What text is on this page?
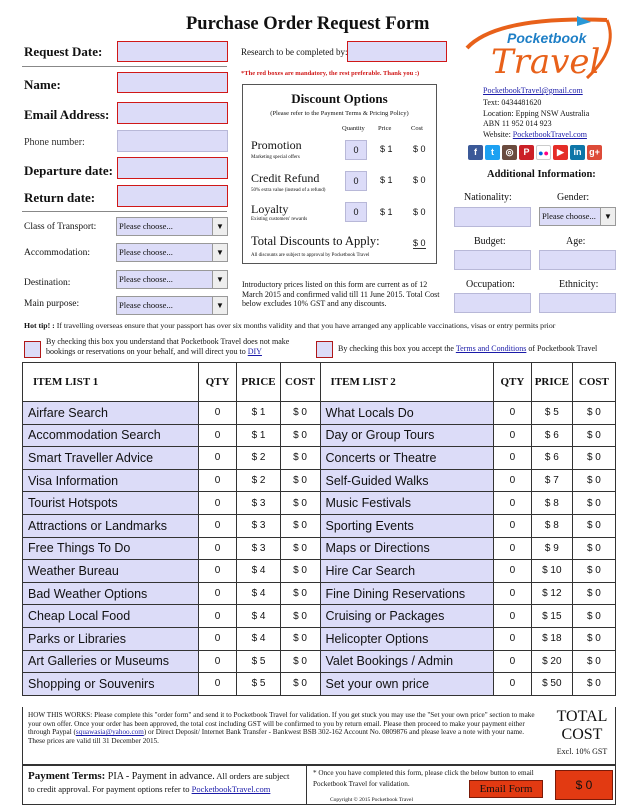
Purchase Order Request Form
Request Date:	Research to be completed by:
Name:
*The red boxes are mandatory, the rest preferable. Thank you :)
Email Address:
Phone number:
Departure date:
Return date:
Class of Transport:	Please choose...	▼
Accommodation:	Please choose...	▼
Destination:	Please choose...	▼
Main purpose:	Please choose...	▼
Discount Options
(Please refer to the Payment Terms & Pricing Policy)
Quantity Price	Cost
Promotion
Marketing special offers
0	$ 1 $ 0
Credit Refund
50% extra value (instead of a refund)
0	$ 1 $ 0
Loyalty
Existing customers' rewards
0	$ 1 $ 0
Total Discounts to Apply:	$ 0
All discounts are subject to approval by Pocketbook Travel
Introductory prices listed on this form are current as of 12 March 2015 and confirmed valid till 11 June 2015. Total Cost below excludes 10% GST and any discounts.
Pocketbook
Travel
PocketbookTravel@gmail.com
Text: 0434481620
Location: Epping NSW Australia
ABN 11 952 014 923
Website: PocketbookTravel.com
f	t	◎	P ●● ▶	in g+
Additional Information:
Nationality:	Gender:
Please choose...	▼
Budget:	Age:
Occupation:	Ethnicity:
Hot tip! : If travelling overseas ensure that your passport has over six months validity and that you have arranged any applicable vaccinations, visas or entry permits prior
By checking this box you understand that Pocketbook Travel does not make bookings or reservations on your behalf, and will direct you to DIY	By checking this box you accept the Terms and Conditions of Pocketbook Travel
ITEM LIST 1	QTY	PRICE	COST	ITEM LIST 2	QTY	PRICE	COST
Airfare Search	0	$ 1	$ 0	What Locals Do	0	$ 5	$ 0
Accommodation Search	0	$ 1	$ 0	Day or Group Tours	0	$ 6	$ 0
Smart Traveller Advice	0	$ 2	$ 0	Concerts or Theatre	0	$ 6	$ 0
Visa Information	0	$ 2	$ 0	Self-Guided Walks	0	$ 7	$ 0
Tourist Hotspots	0	$ 3	$ 0	Music Festivals	0	$ 8	$ 0
Attractions or Landmarks	0	$ 3	$ 0	Sporting Events	0	$ 8	$ 0
Free Things To Do	0	$ 3	$ 0	Maps or Directions	0	$ 9	$ 0
Weather Bureau	0	$ 4	$ 0	Hire Car Search	0	$ 10	$ 0
Bad Weather Options	0	$ 4	$ 0	Fine Dining Reservations	0	$ 12	$ 0
Cheap Local Food	0	$ 4	$ 0	Cruising or Packages	0	$ 15	$ 0
Parks or Libraries	0	$ 4	$ 0	Helicopter Options	0	$ 18	$ 0
Art Galleries or Museums	0	$ 5	$ 0	Valet Bookings / Admin	0	$ 20	$ 0
Shopping or Souvenirs	0	$ 5	$ 0	Set your own price	0	$ 50	$ 0
HOW THIS WORKS: Please complete this "order form" and send it to Pocketbook Travel for validation. If you get stuck you may use the "Set your own price" section to make your own offer. Once your order has been approved, the total cost including GST will be confirmed to you by return email. Please then proceed to make your payment either through Paypal (squawasia@yahoo.com) or Direct Deposit/ Internet Bank Transfer - Bankwest BSB 302-162 Account No. 0809876 and please leave a note with your name. These prices are valid till 31 December 2015.
TOTAL
COST
Excl. 10% GST
Payment Terms: PIA - Payment in advance. All orders are subject to credit approval. For payment options refer to PocketbookTravel.com
* Once you have completed this form, please click the below button to email Pocketbook Travel for validation.	Email Form
Copyright © 2015 Pocketbook Travel
$ 0
